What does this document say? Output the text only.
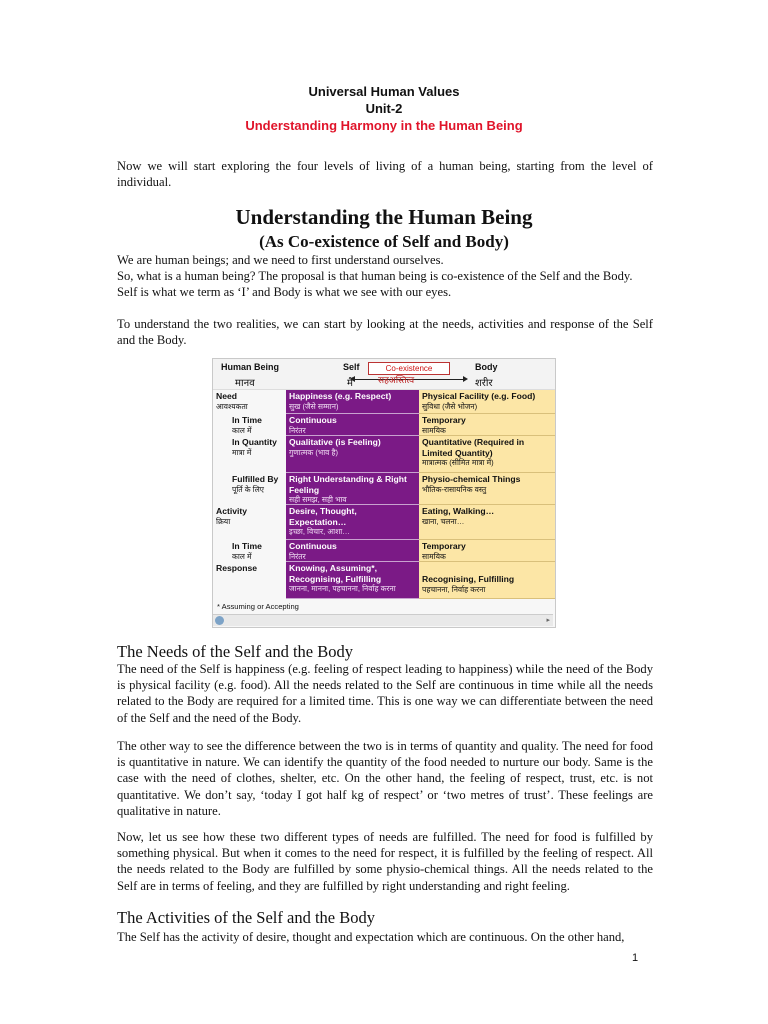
Universal Human Values
Unit-2
Understanding Harmony in the Human Being

Now we will start exploring the four levels of living of a human being, starting from the level of individual.

Understanding the Human Being
(As Co-existence of Self and Body)

We are human beings; and we need to first understand ourselves.
So, what is a human being? The proposal is that human being is co-existence of the Self and the Body.
Self is what we term as ‘I’ and Body is what we see with our eyes.

To understand the two realities, we can start by looking at the needs, activities and response of the Self and the Body.

Human Being
मानव
Self
मैं
Co-existence
सहअस्तित्व
Body
शरीर
Need
आवश्यकता
Happiness (e.g. Respect)
सुख (जैसे सम्मान)
Physical Facility (e.g. Food)
सुविधा (जैसे भोजन)
In Time
काल में
Continuous
निरंतर
Temporary
सामयिक
In Quantity
मात्रा में
Qualitative (is Feeling)
गुणात्मक (भाव है)
Quantitative (Required in Limited Quantity)
मात्रात्मक (सीमित मात्रा में)
Fulfilled By
पूर्ति के लिए
Right Understanding & Right Feeling
सही समझ, सही भाव
Physio-chemical Things
भौतिक-रासायनिक वस्तु
Activity
क्रिया
Desire, Thought, Expectation…
इच्छा, विचार, आशा…
Eating, Walking…
खाना, चलना…
In Time
काल में
Continuous
निरंतर
Temporary
सामयिक
Response	Knowing, Assuming*, Recognising, Fulfilling
जानना, मानना, पहचानना, निर्वाह करना
Recognising, Fulfilling
पहचानना, निर्वाह करना
* Assuming or Accepting
▸
The Needs of the Self and the Body

The need of the Self is happiness (e.g. feeling of respect leading to happiness) while the need of the Body is physical facility (e.g. food). All the needs related to the Self are continuous in time while all the needs related to the Body are required for a limited time. This is one way we can differentiate between the need of the Self and the need of the Body.

The other way to see the difference between the two is in terms of quantity and quality. The need for food is quantitative in nature. We can identify the quantity of the food needed to nurture our body. Same is the case with the need of clothes, shelter, etc. On the other hand, the feeling of respect, trust, etc. is not quantitative. We don’t say, ‘today I got half kg of respect’ or ‘two metres of trust’. These feelings are qualitative in nature.

Now, let us see how these two different types of needs are fulfilled. The need for food is fulfilled by something physical. But when it comes to the need for respect, it is fulfilled by the feeling of respect. All the needs related to the Body are fulfilled by some physio-chemical things. All the needs related to the Self are in terms of feeling, and they are fulfilled by right understanding and right feeling.

The Activities of the Self and the Body

The Self has the activity of desire, thought and expectation which are continuous. On the other hand,

1
